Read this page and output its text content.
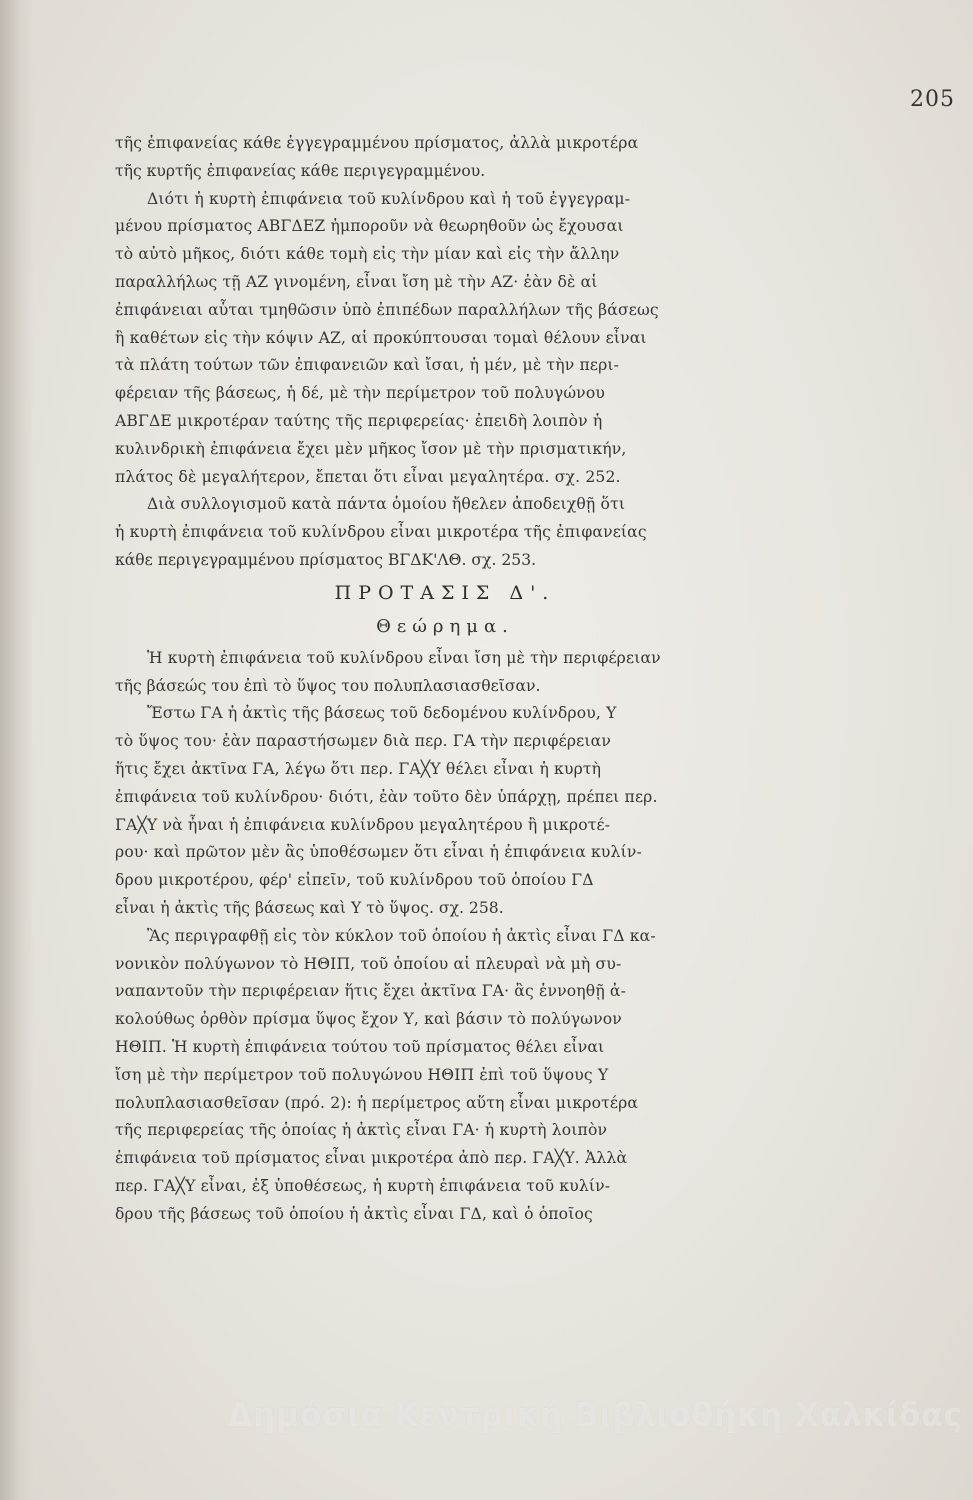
205
τῆς ἐπιφανείας κάθε ἐγγεγραμμένου πρίσματος, ἀλλὰ μικροτέρα
τῆς κυρτῆς ἐπιφανείας κάθε περιγεγραμμένου.
Διότι ἡ κυρτὴ ἐπιφάνεια τοῦ κυλίνδρου καὶ ἡ τοῦ ἐγγεγραμ-
μένου πρίσματος ΑΒΓΔΕΖ ἠμποροῦν νὰ θεωρηθοῦν ὡς ἔχουσαι
τὸ αὐτὸ μῆκος, διότι κάθε τομὴ εἰς τὴν μίαν καὶ εἰς τὴν ἄλλην
παραλλήλως τῇ ΑΖ γινομένη, εἶναι ἴση μὲ τὴν ΑΖ· ἐὰν δὲ αἱ
ἐπιφάνειαι αὗται τμηθῶσιν ὑπὸ ἐπιπέδων παραλλήλων τῆς βάσεως
ἢ καθέτων εἰς τὴν κόψιν ΑΖ, αἱ προκύπτουσαι τομαὶ θέλουν εἶναι
τὰ πλάτη τούτων τῶν ἐπιφανειῶν καὶ ἴσαι, ἡ μέν, μὲ τὴν περι-
φέρειαν τῆς βάσεως, ἡ δέ, μὲ τὴν περίμετρον τοῦ πολυγώνου
ΑΒΓΔΕ μικροτέραν ταύτης τῆς περιφερείας· ἐπειδὴ λοιπὸν ἡ
κυλινδρικὴ ἐπιφάνεια ἔχει μὲν μῆκος ἴσον μὲ τὴν πρισματικήν,
πλάτος δὲ μεγαλήτερον, ἔπεται ὅτι εἶναι μεγαλητέρα. σχ. 252.
Διὰ συλλογισμοῦ κατὰ πάντα ὁμοίου ἤθελεν ἀποδειχθῇ ὅτι
ἡ κυρτὴ ἐπιφάνεια τοῦ κυλίνδρου εἶναι μικροτέρα τῆς ἐπιφανείας
κάθε περιγεγραμμένου πρίσματος ΒΓΔΚ'ΛΘ. σχ. 253.
ΠΡΟΤΑΣΙΣ Δ'.
Θεώρημα.
Ἡ κυρτὴ ἐπιφάνεια τοῦ κυλίνδρου εἶναι ἴση μὲ τὴν περιφέρειαν
τῆς βάσεώς του ἐπὶ τὸ ὕψος του πολυπλασιασθεῖσαν.
Ἔστω ΓΑ ἡ ἀκτὶς τῆς βάσεως τοῦ δεδομένου κυλίνδρου, Υ
τὸ ὕψος του· ἐὰν παραστήσωμεν διὰ περ. ΓΑ τὴν περιφέρειαν
ἥτις ἔχει ἀκτῖνα ΓΑ, λέγω ὅτι περ. ΓΑ╳Υ θέλει εἶναι ἡ κυρτὴ
ἐπιφάνεια τοῦ κυλίνδρου· διότι, ἐὰν τοῦτο δὲν ὑπάρχῃ, πρέπει περ.
ΓΑ╳Υ νὰ ἦναι ἡ ἐπιφάνεια κυλίνδρου μεγαλητέρου ἢ μικροτέ-
ρου· καὶ πρῶτον μὲν ἂς ὑποθέσωμεν ὅτι εἶναι ἡ ἐπιφάνεια κυλίν-
δρου μικροτέρου, φέρ' εἰπεῖν, τοῦ κυλίνδρου τοῦ ὁποίου ΓΔ
εἶναι ἡ ἀκτὶς τῆς βάσεως καὶ Υ τὸ ὕψος. σχ. 258.
Ἂς περιγραφθῇ εἰς τὸν κύκλον τοῦ ὁποίου ἡ ἀκτὶς εἶναι ΓΔ κα-
νονικὸν πολύγωνον τὸ ΗΘΙΠ, τοῦ ὁποίου αἱ πλευραὶ νὰ μὴ συ-
ναπαντοῦν τὴν περιφέρειαν ἥτις ἔχει ἀκτῖνα ΓΑ· ἂς ἐννοηθῇ ἀ-
κολούθως ὀρθὸν πρίσμα ὕψος ἔχον Υ, καὶ βάσιν τὸ πολύγωνον
ΗΘΙΠ. Ἡ κυρτὴ ἐπιφάνεια τούτου τοῦ πρίσματος θέλει εἶναι
ἴση μὲ τὴν περίμετρον τοῦ πολυγώνου ΗΘΙΠ ἐπὶ τοῦ ὕψους Υ
πολυπλασιασθεῖσαν (πρό. 2): ἡ περίμετρος αὕτη εἶναι μικροτέρα
τῆς περιφερείας τῆς ὁποίας ἡ ἀκτὶς εἶναι ΓΑ· ἡ κυρτὴ λοιπὸν
ἐπιφάνεια τοῦ πρίσματος εἶναι μικροτέρα ἀπὸ περ. ΓΑ╳Υ. Ἀλλὰ
περ. ΓΑ╳Υ εἶναι, ἐξ ὑποθέσεως, ἡ κυρτὴ ἐπιφάνεια τοῦ κυλίν-
δρου τῆς βάσεως τοῦ ὁποίου ἡ ἀκτὶς εἶναι ΓΔ, καὶ ὁ ὁποῖος
Δημόσια Κεντρική Βιβλιοθήκη Χαλκίδας
